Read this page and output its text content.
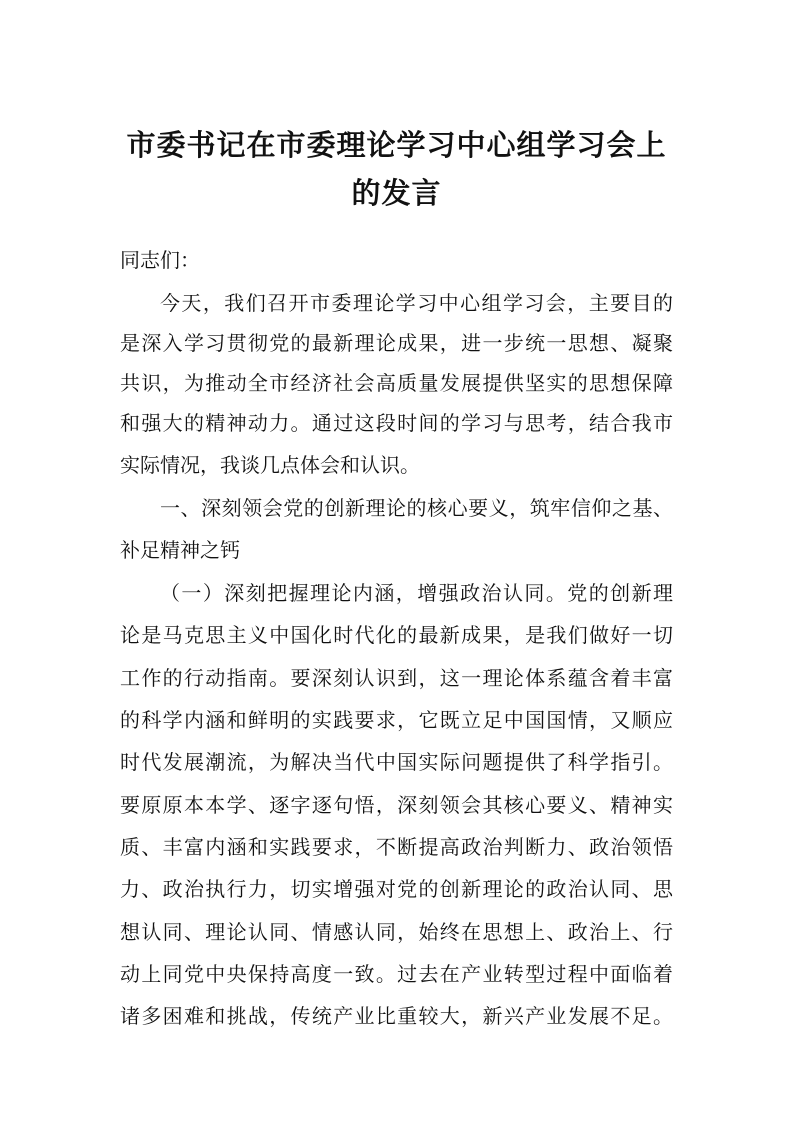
市委书记在市委理论学习中心组学习会上
的发言

同志们：

今天，我们召开市委理论学习中心组学习会，主要目的

是深入学习贯彻党的最新理论成果，进一步统一思想、凝聚

共识，为推动全市经济社会高质量发展提供坚实的思想保障

和强大的精神动力。通过这段时间的学习与思考，结合我市

实际情况，我谈几点体会和认识。

一、深刻领会党的创新理论的核心要义，筑牢信仰之基、

补足精神之钙

（一）深刻把握理论内涵，增强政治认同。党的创新理

论是马克思主义中国化时代化的最新成果，是我们做好一切

工作的行动指南。要深刻认识到，这一理论体系蕴含着丰富

的科学内涵和鲜明的实践要求，它既立足中国国情，又顺应

时代发展潮流，为解决当代中国实际问题提供了科学指引。

要原原本本学、逐字逐句悟，深刻领会其核心要义、精神实

质、丰富内涵和实践要求，不断提高政治判断力、政治领悟

力、政治执行力，切实增强对党的创新理论的政治认同、思

想认同、理论认同、情感认同，始终在思想上、政治上、行

动上同党中央保持高度一致。过去在产业转型过程中面临着

诸多困难和挑战，传统产业比重较大，新兴产业发展不足。
